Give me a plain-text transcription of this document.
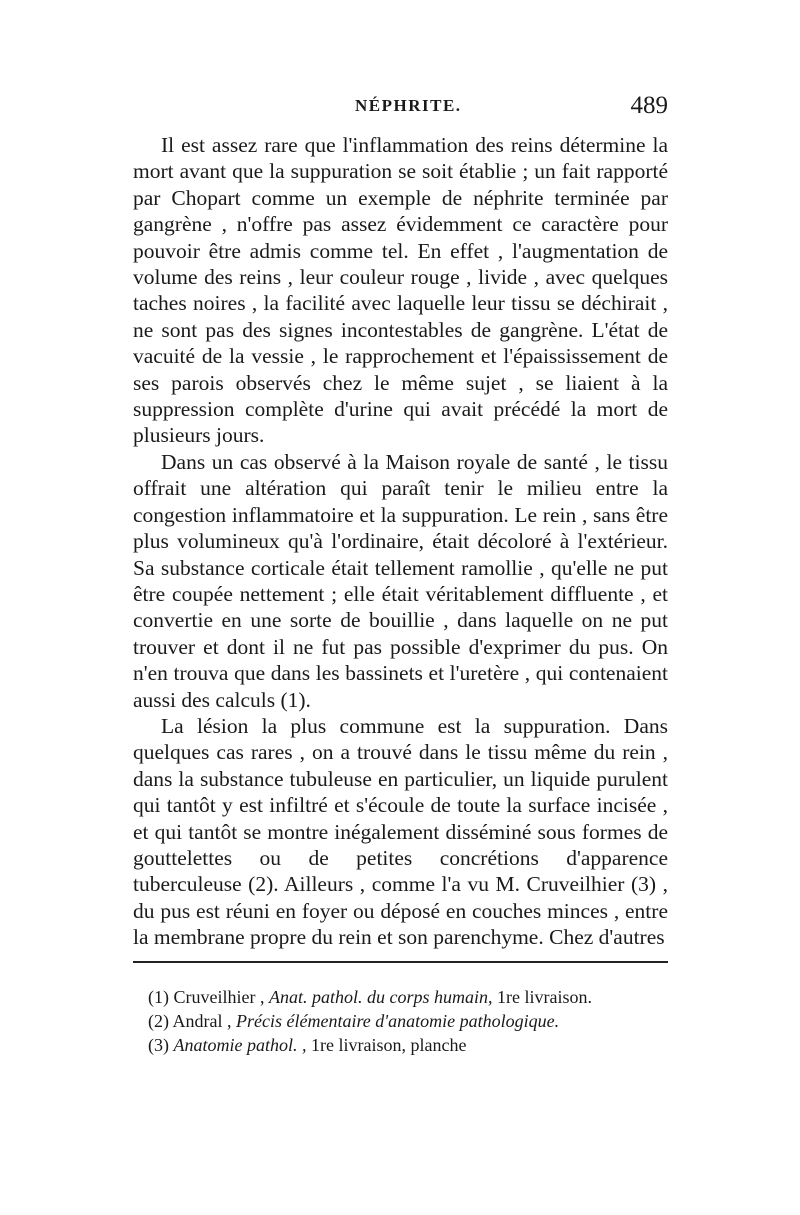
NÉPHRITE.	489

Il est assez rare que l'inflammation des reins détermine la mort avant que la suppuration se soit établie ; un fait rapporté par Chopart comme un exemple de néphrite terminée par gangrène , n'offre pas assez évidemment ce caractère pour pouvoir être admis comme tel. En effet , l'augmentation de volume des reins , leur couleur rouge , livide , avec quelques taches noires , la facilité avec laquelle leur tissu se déchirait , ne sont pas des signes incontestables de gangrène. L'état de vacuité de la vessie , le rapprochement et l'épaississement de ses parois observés chez le même sujet , se liaient à la suppression complète d'urine qui avait précédé la mort de plusieurs jours.

Dans un cas observé à la Maison royale de santé , le tissu offrait une altération qui paraît tenir le milieu entre la congestion inflammatoire et la suppuration. Le rein , sans être plus volumineux qu'à l'ordinaire, était décoloré à l'extérieur. Sa substance corticale était tellement ramollie , qu'elle ne put être coupée nettement ; elle était véritablement diffluente , et convertie en une sorte de bouillie , dans laquelle on ne put trouver et dont il ne fut pas possible d'exprimer du pus. On n'en trouva que dans les bassinets et l'uretère , qui contenaient aussi des calculs (1).

La lésion la plus commune est la suppuration. Dans quelques cas rares , on a trouvé dans le tissu même du rein , dans la substance tubuleuse en particulier, un liquide purulent qui tantôt y est infiltré et s'écoule de toute la surface incisée , et qui tantôt se montre inégalement disséminé sous formes de gouttelettes ou de petites concrétions d'apparence tuberculeuse (2). Ailleurs , comme l'a vu M. Cruveilhier (3) , du pus est réuni en foyer ou déposé en couches minces , entre la membrane propre du rein et son parenchyme. Chez d'autres

(1) Cruveilhier , Anat. pathol. du corps humain, 1re livraison.

(2) Andral , Précis élémentaire d'anatomie pathologique.

(3) Anatomie pathol. , 1re livraison, planche
